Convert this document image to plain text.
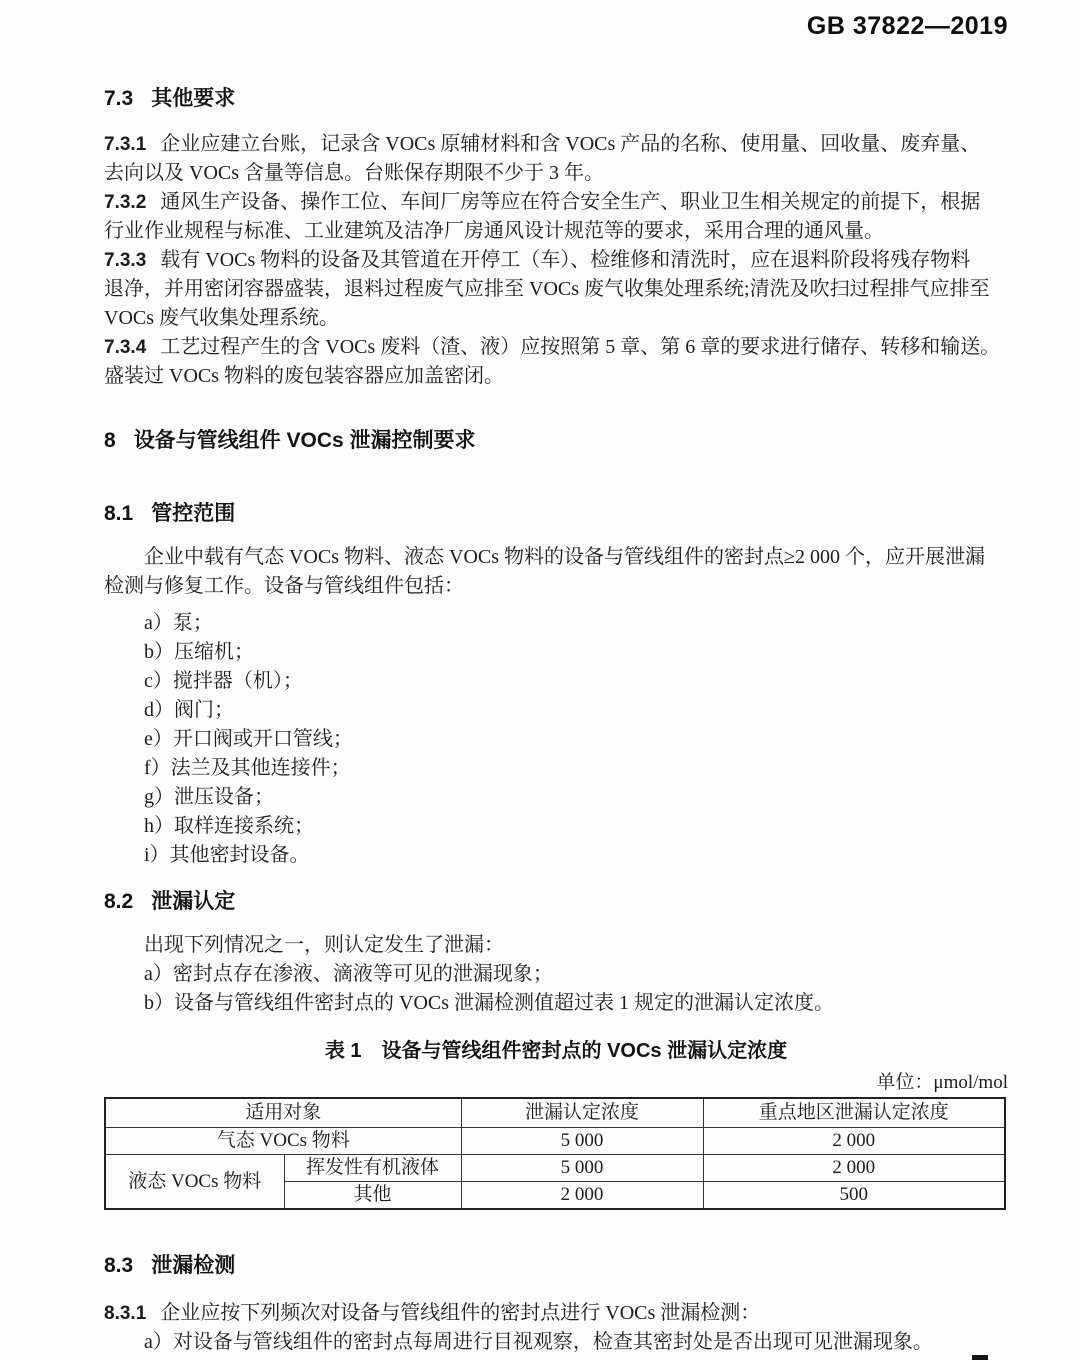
GB 37822—2019
7.3 其他要求
7.3.1 企业应建立台账，记录含 VOCs 原辅材料和含 VOCs 产品的名称、使用量、回收量、废弃量、
去向以及 VOCs 含量等信息。台账保存期限不少于 3 年。
7.3.2 通风生产设备、操作工位、车间厂房等应在符合安全生产、职业卫生相关规定的前提下，根据
行业作业规程与标准、工业建筑及洁净厂房通风设计规范等的要求，采用合理的通风量。
7.3.3 载有 VOCs 物料的设备及其管道在开停工（车）、检维修和清洗时，应在退料阶段将残存物料
退净，并用密闭容器盛装，退料过程废气应排至 VOCs 废气收集处理系统;清洗及吹扫过程排气应排至
VOCs 废气收集处理系统。
7.3.4 工艺过程产生的含 VOCs 废料（渣、液）应按照第 5 章、第 6 章的要求进行储存、转移和输送。
盛装过 VOCs 物料的废包装容器应加盖密闭。
8 设备与管线组件 VOCs 泄漏控制要求
8.1 管控范围
企业中载有气态 VOCs 物料、液态 VOCs 物料的设备与管线组件的密封点≥2 000 个，应开展泄漏
检测与修复工作。设备与管线组件包括：
a）泵；
b）压缩机；
c）搅拌器（机）；
d）阀门；
e）开口阀或开口管线；
f）法兰及其他连接件；
g）泄压设备；
h）取样连接系统；
i）其他密封设备。
8.2 泄漏认定
出现下列情况之一，则认定发生了泄漏：
a）密封点存在渗液、滴液等可见的泄漏现象；
b）设备与管线组件密封点的 VOCs 泄漏检测值超过表 1 规定的泄漏认定浓度。
表 1　设备与管线组件密封点的 VOCs 泄漏认定浓度
单位：μmol/mol
适用对象		泄漏认定浓度	重点地区泄漏认定浓度
气态 VOCs 物料		5 000	2 000
液态 VOCs 物料	挥发性有机液体	5 000	2 000
	其他	2 000	500
8.3 泄漏检测
8.3.1 企业应按下列频次对设备与管线组件的密封点进行 VOCs 泄漏检测：
a）对设备与管线组件的密封点每周进行目视观察，检查其密封处是否出现可见泄漏现象。
